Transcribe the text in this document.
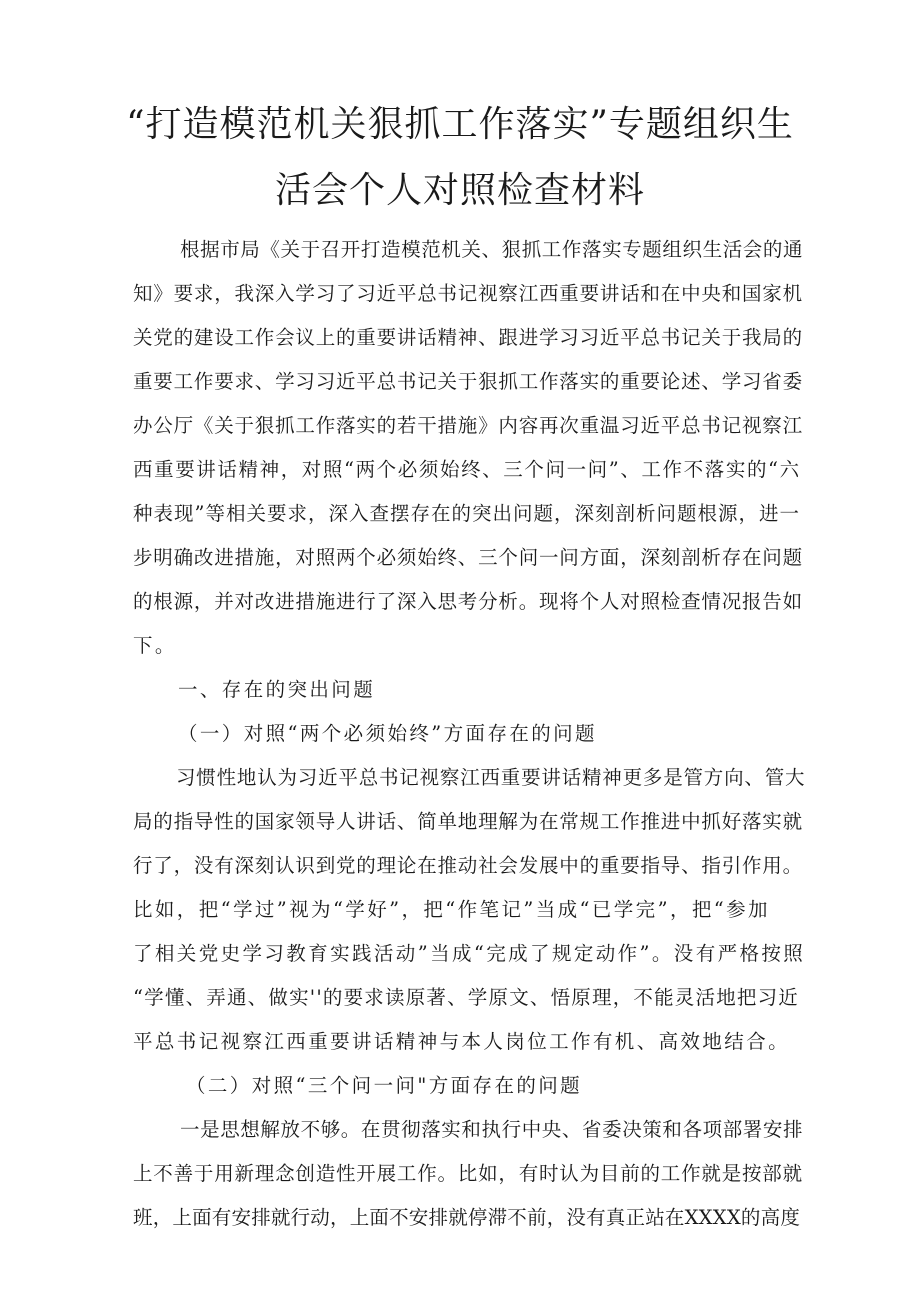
“打造模范机关狠抓工作落实”专题组织生
活会个人对照检查材料

根据市局《关于召开打造模范机关、狠抓工作落实专题组织生活会的通

知》要求，我深入学习了习近平总书记视察江西重要讲话和在中央和国家机

关党的建设工作会议上的重要讲话精神、跟进学习习近平总书记关于我局的

重要工作要求、学习习近平总书记关于狠抓工作落实的重要论述、学习省委

办公厅《关于狠抓工作落实的若干措施》内容再次重温习近平总书记视察江

西重要讲话精神，对照“两个必须始终、三个问一问”、工作不落实的“六

种表现”等相关要求，深入查摆存在的突出问题，深刻剖析问题根源，进一

步明确改进措施，对照两个必须始终、三个问一问方面，深刻剖析存在问题

的根源，并对改进措施进行了深入思考分析。现将个人对照检查情况报告如

下。

一、存在的突出问题

（一）对照“两个必须始终”方面存在的问题

习惯性地认为习近平总书记视察江西重要讲话精神更多是管方向、管大

局的指导性的国家领导人讲话、简单地理解为在常规工作推进中抓好落实就

行了，没有深刻认识到党的理论在推动社会发展中的重要指导、指引作用。

比如，把“学过”视为“学好”，把“作笔记”当成“已学完”，把“参加

了相关党史学习教育实践活动”当成“完成了规定动作”。没有严格按照

“学懂、弄通、做实''的要求读原著、学原文、悟原理，不能灵活地把习近

平总书记视察江西重要讲话精神与本人岗位工作有机、高效地结合。

（二）对照“三个问一问"方面存在的问题

一是思想解放不够。在贯彻落实和执行中央、省委决策和各项部署安排

上不善于用新理念创造性开展工作。比如，有时认为目前的工作就是按部就

班，上面有安排就行动，上面不安排就停滞不前，没有真正站在XXXX的高度
